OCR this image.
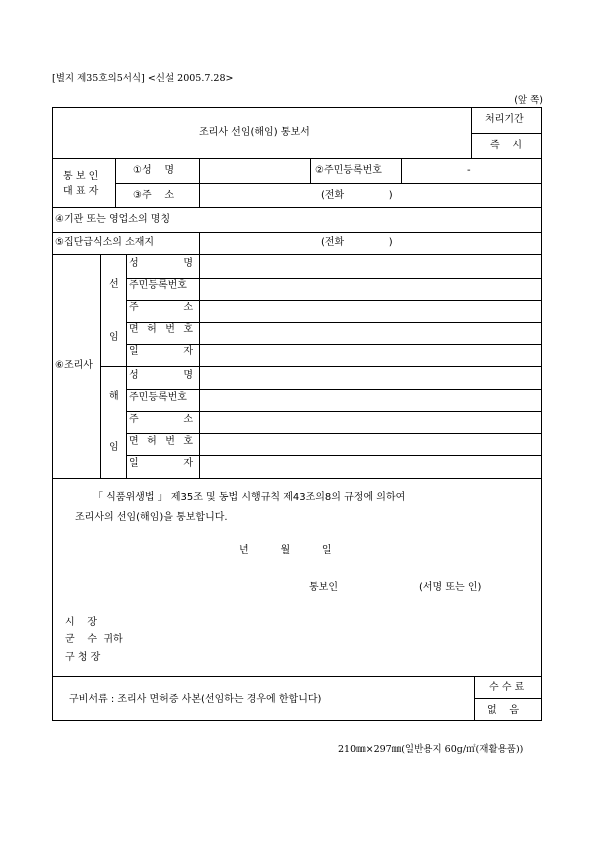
[별지 제35호의5서식] <신설 2005.7.28>
(앞 쪽)
조리사 선임(해임) 통보서
처리기간
즉    시
통 보 인
대 표 자
①성    명	②주민등록번호	-
③주    소	(전화              )
④기관 또는 영업소의 명칭
⑤집단급식소의 소재지	(전화              )
⑥조리사
선
임
해
임
성	명
주민등록번호
주	소
면 허 번 호
일	자
성	명
주민등록번호
주	소
면 허 번 호
일	자
「 식품위생법 」 제35조 및 동법 시행규칙 제43조의8의 규정에 의하여
조리사의 선임(해임)을 통보합니다.
년          월          일
통보인	(서명 또는 인)
시    장
군    수  귀하
구 청 장
구비서류 : 조리사 면허증 사본(선임하는 경우에 한합니다)
수 수 료
없    음
210㎜×297㎜(일반용지 60g/㎡(재활용품))
